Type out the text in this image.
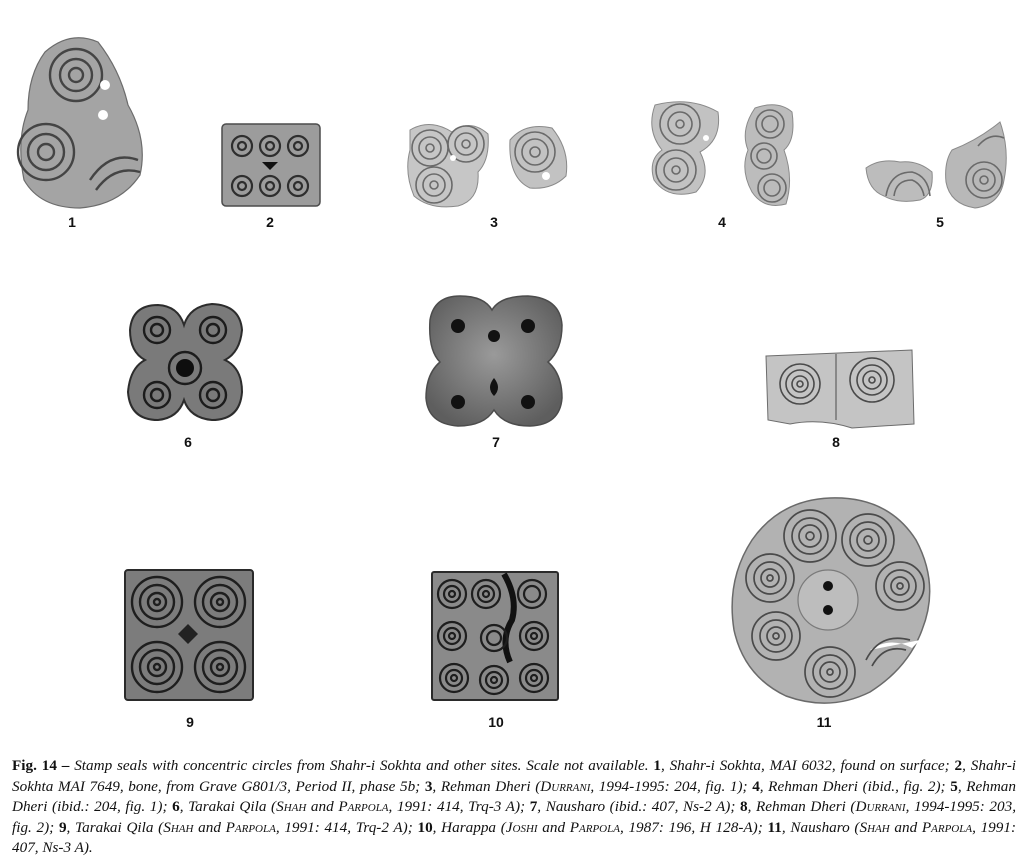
1	2	3	4	5
6	7	8
9	10	11
Fig. 14 – Stamp seals with concentric circles from Shahr-i Sokhta and other sites. Scale not available. 1, Shahr-i Sokhta, MAI 6032, found on surface; 2, Shahr-i Sokhta MAI 7649, bone, from Grave G801/3, Period II, phase 5b; 3, Rehman Dheri (Durrani, 1994-1995: 204, fig. 1); 4, Rehman Dheri (ibid., fig. 2); 5, Rehman Dheri (ibid.: 204, fig. 1); 6, Tarakai Qila (Shah and Parpola, 1991: 414, Trq-3 A); 7, Nausharo (ibid.: 407, Ns-2 A); 8, Rehman Dheri (Durrani, 1994-1995: 203, fig. 2); 9, Tarakai Qila (Shah and Parpola, 1991: 414, Trq-2 A); 10, Harappa (Joshi and Parpola, 1987: 196, H 128-A); 11, Nausharo (Shah and Parpola, 1991: 407, Ns-3 A).
